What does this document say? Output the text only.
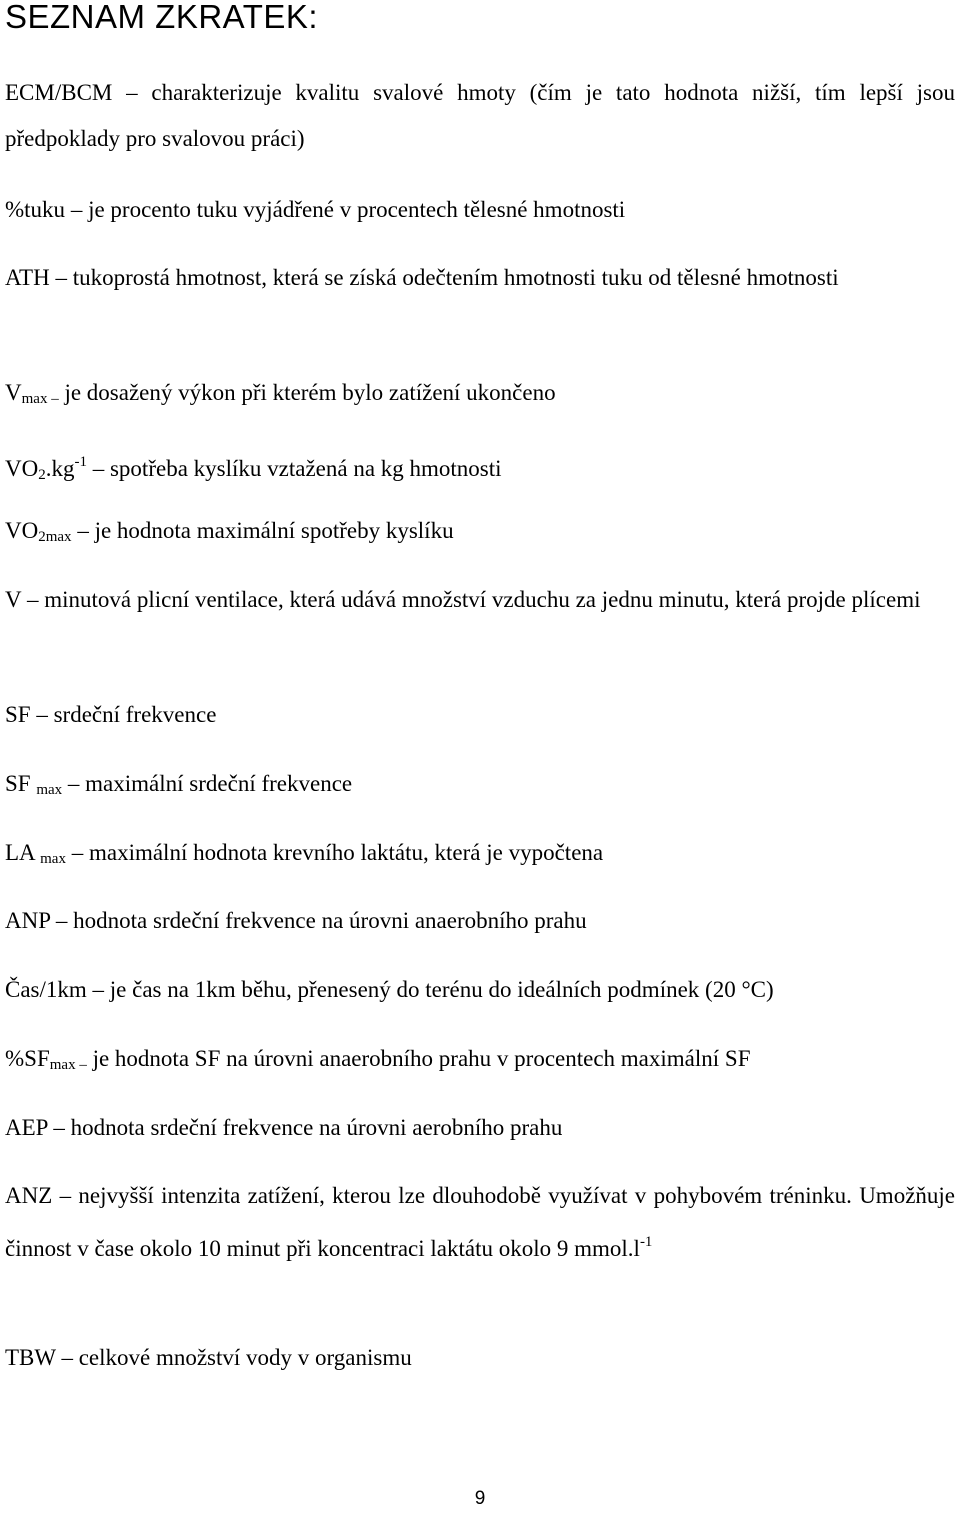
SEZNAM ZKRATEK:

ECM/BCM – charakterizuje kvalitu svalové hmoty (čím je tato hodnota nižší, tím lepší jsou předpoklady pro svalovou práci)

%tuku – je procento tuku vyjádřené v procentech tělesné hmotnosti

ATH – tukoprostá hmotnost, která se získá odečtením hmotnosti tuku od tělesné hmotnosti

$V_{max -}$ je dosažený výkon při kterém bylo zatížení ukončeno

$VO_2.kg^{-1}$ – spotřeba kyslíku vztažená na kg hmotnosti

$VO_{2max}$ – je hodnota maximální spotřeby kyslíku

V – minutová plicní ventilace, která udává množství vzduchu za jednu minutu, která projde plícemi

SF – srdeční frekvence

SF $_{max}$ – maximální srdeční frekvence

LA $_{max}$ – maximální hodnota krevního laktátu, která je vypočtena

ANP – hodnota srdeční frekvence na úrovni anaerobního prahu

Čas/1km – je čas na 1km běhu, přenesený do terénu do ideálních podmínek (20 °C)

$\%SF_{max -}$ je hodnota SF na úrovni anaerobního prahu v procentech maximální SF

AEP – hodnota srdeční frekvence na úrovni aerobního prahu

ANZ – nejvyšší intenzita zatížení, kterou lze dlouhodobě využívat v pohybovém tréninku. Umožňuje činnost v čase okolo 10 minut při koncentraci laktátu okolo 9 $mmol.l^{-1}$

TBW – celkové množství vody v organismu

9
